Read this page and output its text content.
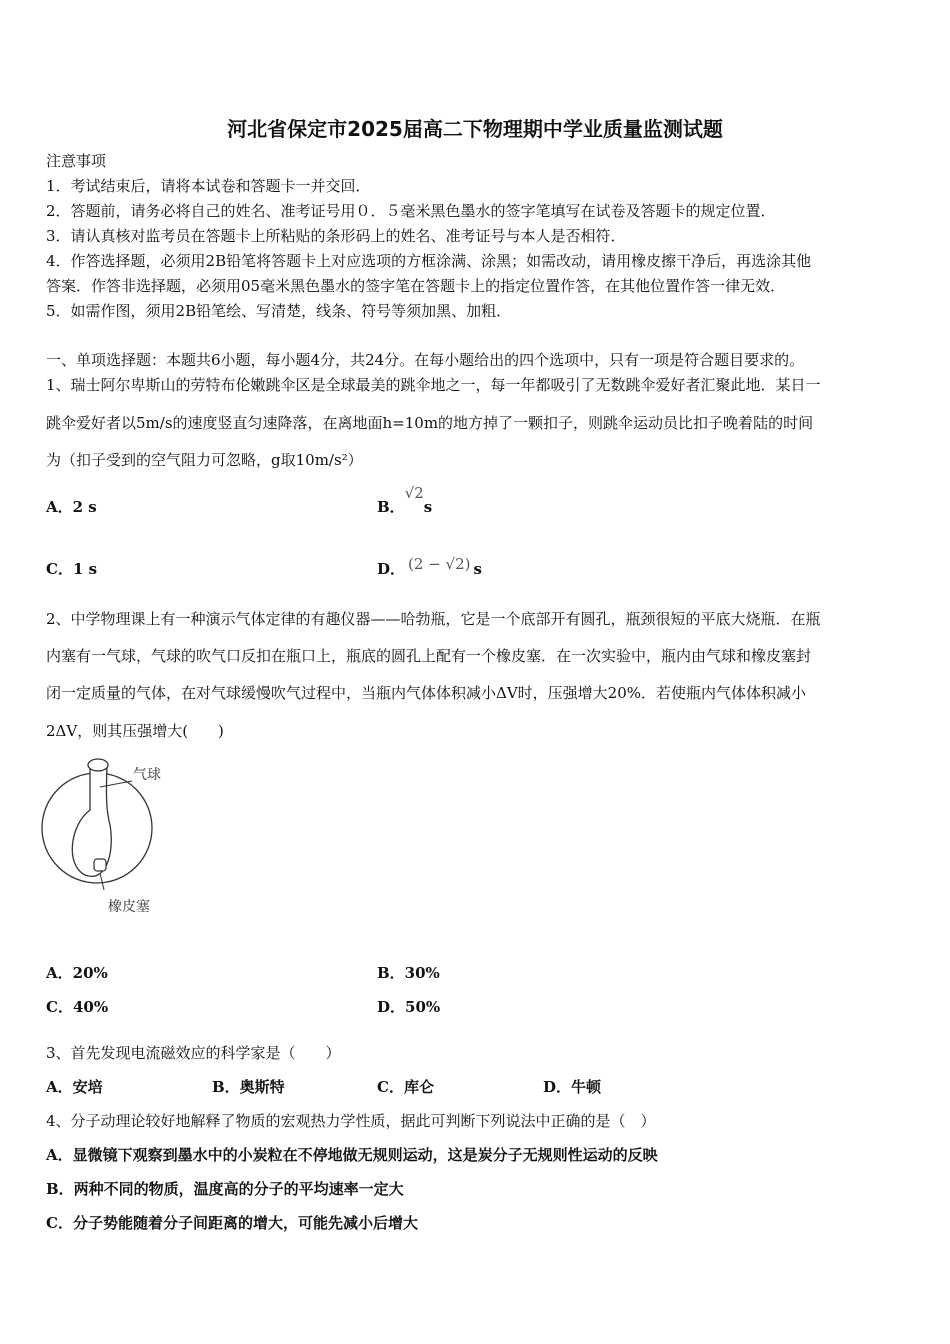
河北省保定市2025届高二下物理期中学业质量监测试题
注意事项
1．考试结束后，请将本试卷和答题卡一并交回．
2．答题前，请务必将自己的姓名、准考证号用０．５毫米黑色墨水的签字笔填写在试卷及答题卡的规定位置．
3．请认真核对监考员在答题卡上所粘贴的条形码上的姓名、准考证号与本人是否相符．
4．作答选择题，必须用2B铅笔将答题卡上对应选项的方框涂满、涂黑；如需改动，请用橡皮擦干净后，再选涂其他
答案．作答非选择题，必须用05毫米黑色墨水的签字笔在答题卡上的指定位置作答，在其他位置作答一律无效．
5．如需作图，须用2B铅笔绘、写清楚，线条、符号等须加黑、加粗．
一、单项选择题：本题共6小题，每小题4分，共24分。在每小题给出的四个选项中，只有一项是符合题目要求的。
1、瑞士阿尔卑斯山的劳特布伦嫩跳伞区是全球最美的跳伞地之一，每一年都吸引了无数跳伞爱好者汇聚此地．某日一
跳伞爱好者以5m/s的速度竖直匀速降落，在离地面h=10m的地方掉了一颗扣子，则跳伞运动员比扣子晚着陆的时间
为（扣子受到的空气阻力可忽略，g取10m/s²）
A．2 s	B．√2s
C．1 s	D． (2 − √2) s
2、中学物理课上有一种演示气体定律的有趣仪器——哈勃瓶，它是一个底部开有圆孔，瓶颈很短的平底大烧瓶．在瓶
内塞有一气球，气球的吹气口反扣在瓶口上，瓶底的圆孔上配有一个橡皮塞．在一次实验中，瓶内由气球和橡皮塞封
闭一定质量的气体，在对气球缓慢吹气过程中，当瓶内气体体积减小ΔV时，压强增大20%．若使瓶内气体体积减小
2ΔV，则其压强增大(　　)
气球
橡皮塞
A．20%	B．30%
C．40%	D．50%
3、首先发现电流磁效应的科学家是（　　）
A．安培	B．奥斯特	C．库仑	D．牛顿
4、分子动理论较好地解释了物质的宏观热力学性质，据此可判断下列说法中正确的是（　）
A．显微镜下观察到墨水中的小炭粒在不停地做无规则运动，这是炭分子无规则性运动的反映
B．两种不同的物质，温度高的分子的平均速率一定大
C．分子势能随着分子间距离的增大，可能先减小后增大
